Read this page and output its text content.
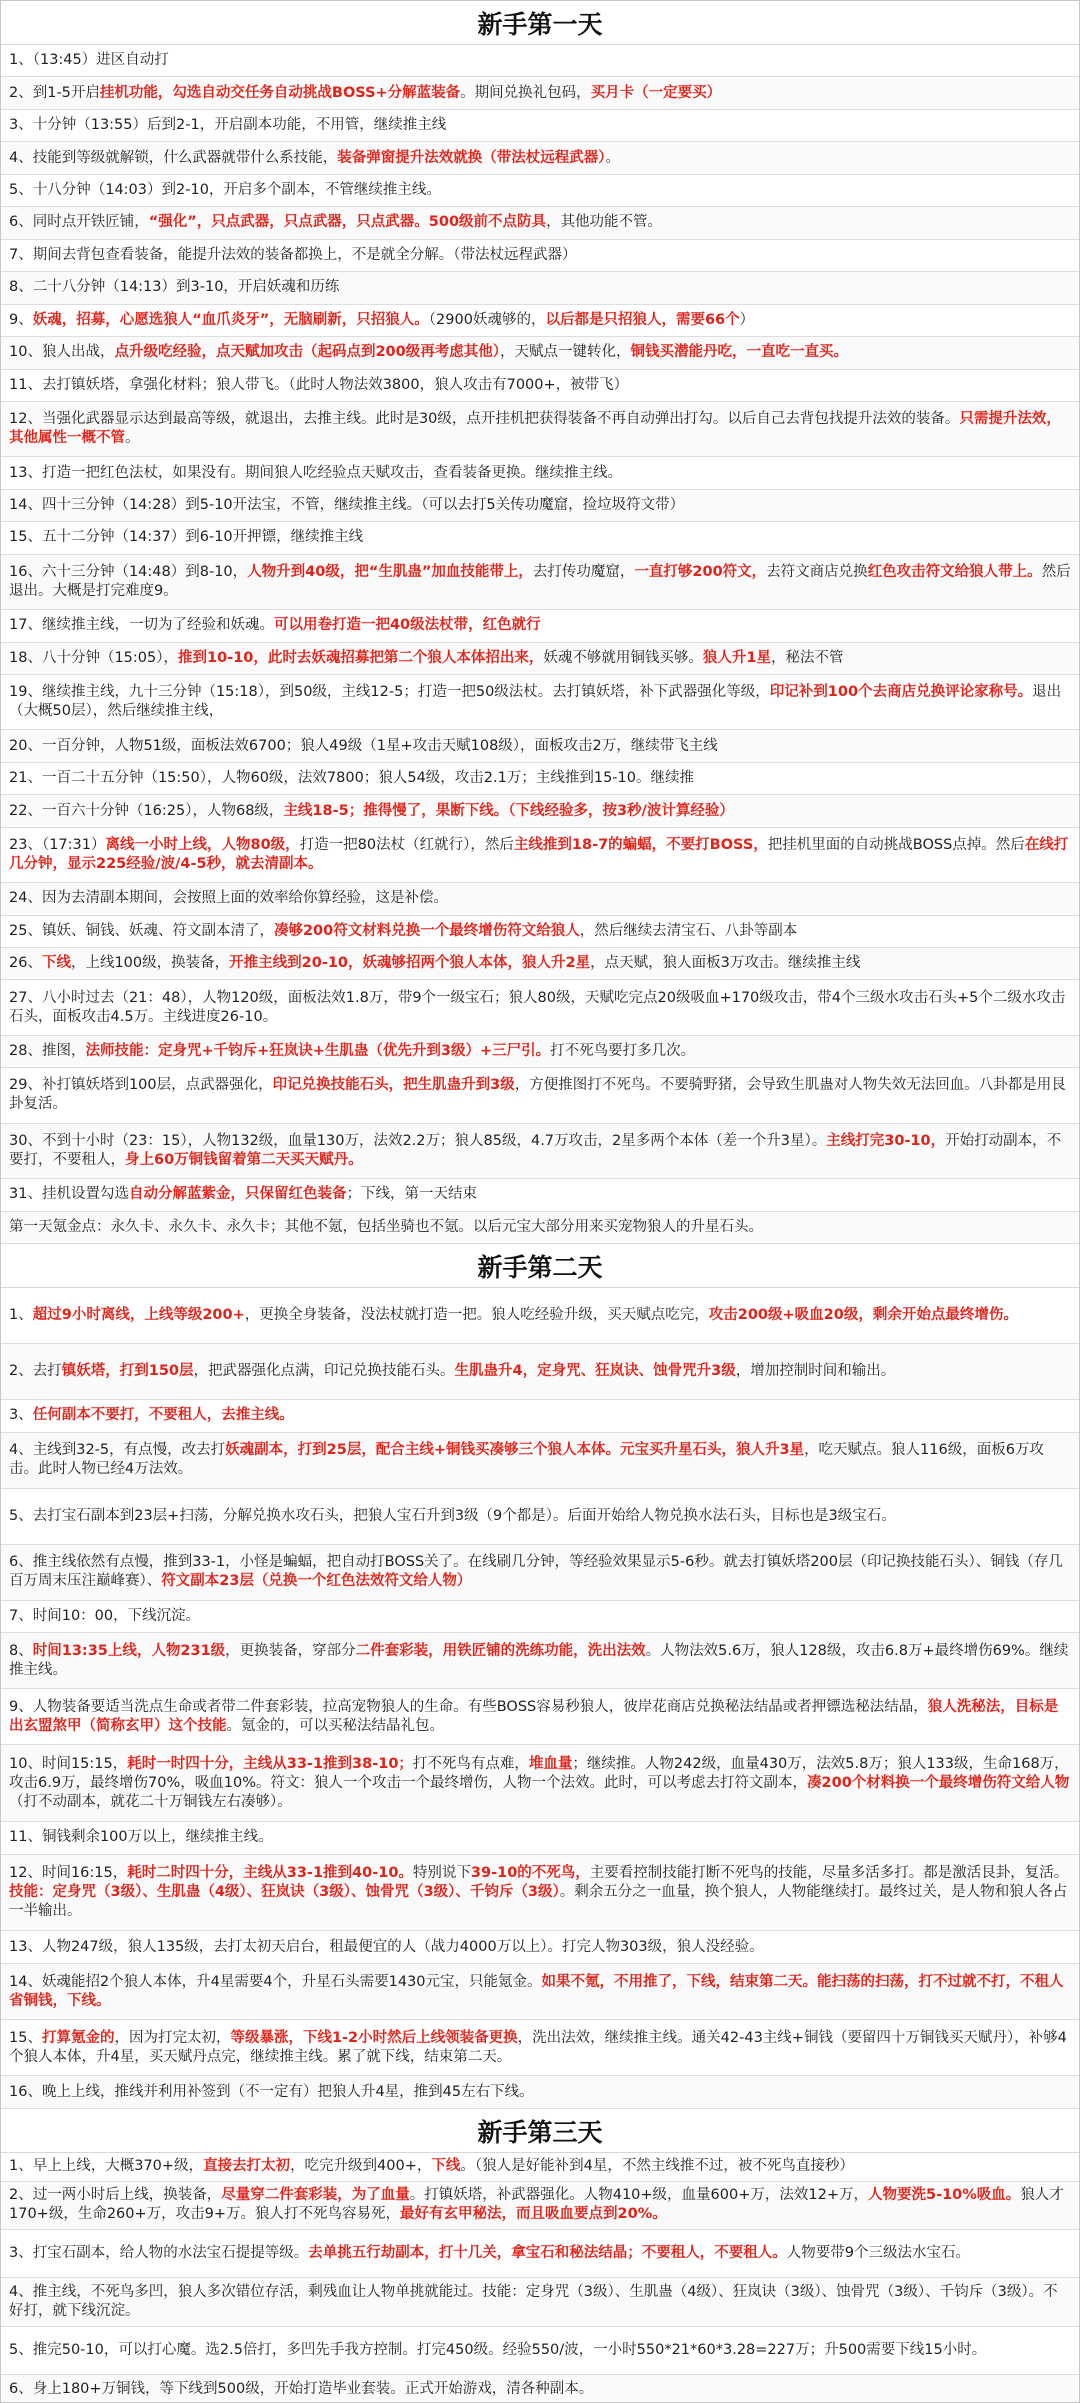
新手第一天

1、（13:45）进区自动打

2、到1-5开启挂机功能，勾选自动交任务自动挑战BOSS+分解蓝装备。期间兑换礼包码，买月卡（一定要买）

3、十分钟（13:55）后到2-1，开启副本功能，不用管，继续推主线

4、技能到等级就解锁，什么武器就带什么系技能，装备弹窗提升法效就换（带法杖远程武器）。

5、十八分钟（14:03）到2-10，开启多个副本，不管继续推主线。

6、同时点开铁匠铺，“强化”，只点武器，只点武器，只点武器。500级前不点防具，其他功能不管。

7、期间去背包查看装备，能提升法效的装备都换上，不是就全分解。（带法杖远程武器）

8、二十八分钟（14:13）到3-10，开启妖魂和历练

9、妖魂，招募，心愿选狼人“血爪炎牙”，无脑刷新，只招狼人。（2900妖魂够的，以后都是只招狼人，需要66个）

10、狼人出战，点升级吃经验，点天赋加攻击（起码点到200级再考虑其他），天赋点一键转化，铜钱买潜能丹吃，一直吃一直买。

11、去打镇妖塔，拿强化材料；狼人带飞。（此时人物法效3800，狼人攻击有7000+，被带飞）

12、当强化武器显示达到最高等级，就退出，去推主线。此时是30级，点开挂机把获得装备不再自动弹出打勾。以后自己去背包找提升法效的装备。只需提升法效，其他属性一概不管。

13、打造一把红色法杖，如果没有。期间狼人吃经验点天赋攻击，查看装备更换。继续推主线。

14、四十三分钟（14:28）到5-10开法宝，不管，继续推主线。（可以去打5关传功魔窟，捡垃圾符文带）

15、五十二分钟（14:37）到6-10开押镖，继续推主线

16、六十三分钟（14:48）到8-10，人物升到40级，把“生肌蛊”加血技能带上，去打传功魔窟，一直打够200符文，去符文商店兑换红色攻击符文给狼人带上。然后退出。大概是打完难度9。

17、继续推主线，一切为了经验和妖魂。可以用卷打造一把40级法杖带，红色就行

18、八十分钟（15:05），推到10-10，此时去妖魂招募把第二个狼人本体招出来，妖魂不够就用铜钱买够。狼人升1星，秘法不管

19、继续推主线，九十三分钟（15:18），到50级，主线12-5；打造一把50级法杖。去打镇妖塔，补下武器强化等级，印记补到100个去商店兑换评论家称号。退出（大概50层），然后继续推主线，

20、一百分钟，人物51级，面板法效6700；狼人49级（1星+攻击天赋108级），面板攻击2万，继续带飞主线

21、一百二十五分钟（15:50），人物60级，法效7800；狼人54级，攻击2.1万；主线推到15-10。继续推

22、一百六十分钟（16:25），人物68级，主线18-5；推得慢了，果断下线。（下线经验多，按3秒/波计算经验）

23、（17:31）离线一小时上线，人物80级，打造一把80法杖（红就行），然后主线推到18-7的蝙蝠，不要打BOSS，把挂机里面的自动挑战BOSS点掉。然后在线打几分钟，显示225经验/波/4-5秒，就去清副本。

24、因为去清副本期间，会按照上面的效率给你算经验，这是补偿。

25、镇妖、铜钱、妖魂、符文副本清了，凑够200符文材料兑换一个最终增伤符文给狼人，然后继续去清宝石、八卦等副本

26、下线，上线100级，换装备，开推主线到20-10，妖魂够招两个狼人本体，狼人升2星，点天赋，狼人面板3万攻击。继续推主线

27、八小时过去（21：48），人物120级，面板法效1.8万，带9个一级宝石；狼人80级，天赋吃完点20级吸血+170级攻击，带4个三级水攻击石头+5个二级水攻击石头，面板攻击4.5万。主线进度26-10。

28、推图，法师技能：定身咒+千钧斥+狂岚诀+生肌蛊（优先升到3级）+三尸引。打不死鸟要打多几次。

29、补打镇妖塔到100层，点武器强化，印记兑换技能石头，把生肌蛊升到3级，方便推图打不死鸟。不要骑野猪，会导致生肌蛊对人物失效无法回血。八卦都是用艮卦复活。

30、不到十小时（23：15），人物132级，血量130万，法效2.2万；狼人85级，4.7万攻击，2星多两个本体（差一个升3星）。主线打完30-10，开始打动副本，不要打，不要租人，身上60万铜钱留着第二天买天赋丹。

31、挂机设置勾选自动分解蓝紫金，只保留红色装备；下线，第一天结束

第一天氪金点：永久卡、永久卡、永久卡；其他不氪，包括坐骑也不氪。以后元宝大部分用来买宠物狼人的升星石头。

新手第二天

1、超过9小时离线，上线等级200+，更换全身装备，没法杖就打造一把。狼人吃经验升级，买天赋点吃完，攻击200级+吸血20级，剩余开始点最终增伤。

2、去打镇妖塔，打到150层，把武器强化点满，印记兑换技能石头。生肌蛊升4，定身咒、狂岚诀、蚀骨咒升3级，增加控制时间和输出。

3、任何副本不要打，不要租人，去推主线。

4、主线到32-5，有点慢，改去打妖魂副本，打到25层，配合主线+铜钱买凑够三个狼人本体。元宝买升星石头，狼人升3星，吃天赋点。狼人116级，面板6万攻击。此时人物已经4万法效。

5、去打宝石副本到23层+扫荡，分解兑换水攻石头，把狼人宝石升到3级（9个都是）。后面开始给人物兑换水法石头，目标也是3级宝石。

6、推主线依然有点慢，推到33-1，小怪是蝙蝠，把自动打BOSS关了。在线刷几分钟，等经验效果显示5-6秒。就去打镇妖塔200层（印记换技能石头）、铜钱（存几百万周末压注巅峰赛）、符文副本23层（兑换一个红色法效符文给人物）

7、时间10：00，下线沉淀。

8、时间13:35上线，人物231级，更换装备，穿部分二件套彩装，用铁匠铺的洗练功能，洗出法效。人物法效5.6万，狼人128级，攻击6.8万+最终增伤69%。继续推主线。

9、人物装备要适当洗点生命或者带二件套彩装，拉高宠物狼人的生命。有些BOSS容易秒狼人，彼岸花商店兑换秘法结晶或者押镖选秘法结晶，狼人洗秘法，目标是出玄盟煞甲（简称玄甲）这个技能。氪金的，可以买秘法结晶礼包。

10、时间15:15，耗时一时四十分，主线从33-1推到38-10；打不死鸟有点难，堆血量；继续推。人物242级，血量430万，法效5.8万；狼人133级，生命168万，攻击6.9万，最终增伤70%，吸血10%。符文：狼人一个攻击一个最终增伤，人物一个法效。此时，可以考虑去打符文副本，凑200个材料换一个最终增伤符文给人物（打不动副本，就花二十万铜钱左右凑够）。

11、铜钱剩余100万以上，继续推主线。

12、时间16:15，耗时二时四十分，主线从33-1推到40-10。特别说下39-10的不死鸟，主要看控制技能打断不死鸟的技能，尽量多活多打。都是激活艮卦，复活。技能：定身咒（3级）、生肌蛊（4级）、狂岚诀（3级）、蚀骨咒（3级）、千钧斥（3级）。剩余五分之一血量，换个狼人，人物能继续打。最终过关，是人物和狼人各占一半输出。

13、人物247级，狼人135级，去打太初天启台，租最便宜的人（战力4000万以上）。打完人物303级，狼人没经验。

14、妖魂能招2个狼人本体，升4星需要4个，升星石头需要1430元宝，只能氪金。如果不氪，不用推了，下线，结束第二天。能扫荡的扫荡，打不过就不打，不租人省铜钱，下线。

15、打算氪金的，因为打完太初，等级暴涨，下线1-2小时然后上线领装备更换，洗出法效，继续推主线。通关42-43主线+铜钱（要留四十万铜钱买天赋丹），补够4个狼人本体，升4星，买天赋丹点完，继续推主线。累了就下线，结束第二天。

16、晚上上线，推线并利用补签到（不一定有）把狼人升4星，推到45左右下线。

新手第三天

1、早上上线，大概370+级，直接去打太初，吃完升级到400+，下线。（狼人是好能补到4星，不然主线推不过，被不死鸟直接秒）

2、过一两小时后上线，换装备，尽量穿二件套彩装，为了血量。打镇妖塔，补武器强化。人物410+级，血量600+万，法效12+万，人物要洗5-10%吸血。狼人才170+级，生命260+万，攻击9+万。狼人打不死鸟容易死，最好有玄甲秘法，而且吸血要点到20%。

3、打宝石副本，给人物的水法宝石提提等级。去单挑五行劫副本，打十几关，拿宝石和秘法结晶；不要租人，不要租人。人物要带9个三级法水宝石。

4、推主线，不死鸟多凹，狼人多次错位存活，剩残血让人物单挑就能过。技能：定身咒（3级）、生肌蛊（4级）、狂岚诀（3级）、蚀骨咒（3级）、千钧斥（3级）。不好打，就下线沉淀。

5、推完50-10，可以打心魔。选2.5倍打，多凹先手我方控制。打完450级。经验550/波，一小时550*21*60*3.28=227万；升500需要下线15小时。

6、身上180+万铜钱，等下线到500级，开始打造毕业套装。正式开始游戏，清各种副本。
